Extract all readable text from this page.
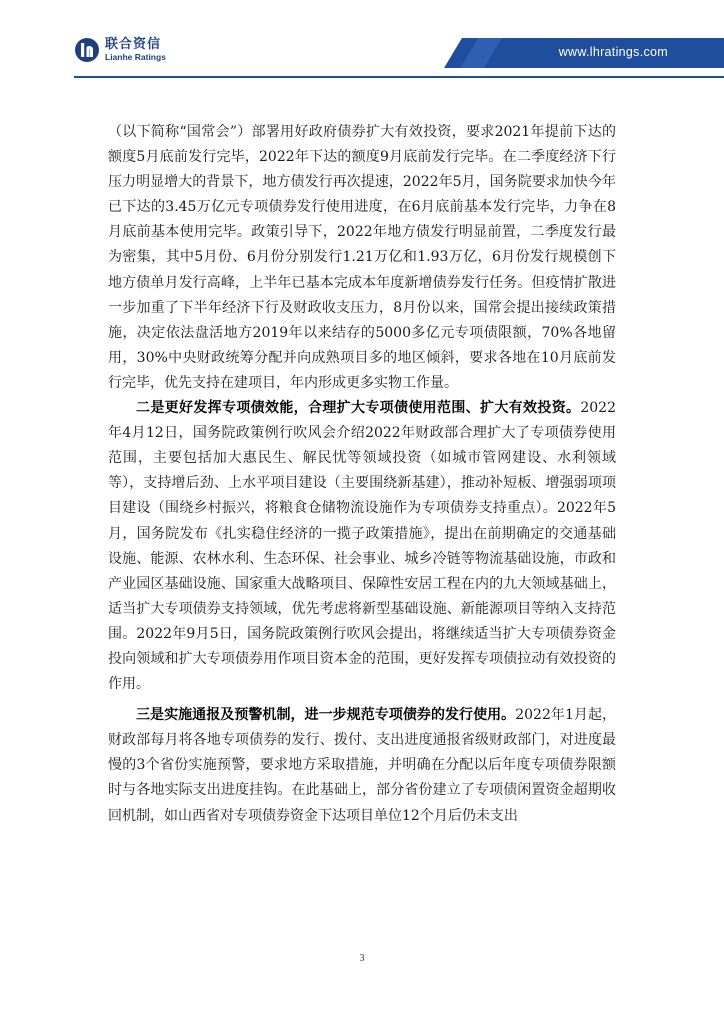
联合资信
Lianhe Ratings	www.lhratings.com

（以下简称“国常会”）部署用好政府债券扩大有效投资，要求2021年提前下达的额度5月底前发行完毕，2022年下达的额度9月底前发行完毕。在二季度经济下行压力明显增大的背景下，地方债发行再次提速，2022年5月，国务院要求加快今年已下达的3.45万亿元专项债券发行使用进度，在6月底前基本发行完毕，力争在8月底前基本使用完毕。政策引导下，2022年地方债发行明显前置，二季度发行最为密集，其中5月份、6月份分别发行1.21万亿和1.93万亿，6月份发行规模创下地方债单月发行高峰，上半年已基本完成本年度新增债券发行任务。但疫情扩散进一步加重了下半年经济下行及财政收支压力，8月份以来，国常会提出接续政策措施，决定依法盘活地方2019年以来结存的5000多亿元专项债限额，70%各地留用，30%中央财政统筹分配并向成熟项目多的地区倾斜，要求各地在10月底前发行完毕，优先支持在建项目，年内形成更多实物工作量。

二是更好发挥专项债效能，合理扩大专项债使用范围、扩大有效投资。2022年4月12日，国务院政策例行吹风会介绍2022年财政部合理扩大了专项债券使用范围，主要包括加大惠民生、解民忧等领域投资（如城市管网建设、水利领域等），支持增后劲、上水平项目建设（主要围绕新基建），推动补短板、增强弱项项目建设（围绕乡村振兴，将粮食仓储物流设施作为专项债券支持重点）。2022年5月，国务院发布《扎实稳住经济的一揽子政策措施》，提出在前期确定的交通基础设施、能源、农林水利、生态环保、社会事业、城乡冷链等物流基础设施，市政和产业园区基础设施、国家重大战略项目、保障性安居工程在内的九大领域基础上，适当扩大专项债券支持领域，优先考虑将新型基础设施、新能源项目等纳入支持范围。2022年9月5日，国务院政策例行吹风会提出，将继续适当扩大专项债券资金投向领域和扩大专项债券用作项目资本金的范围，更好发挥专项债拉动有效投资的作用。

三是实施通报及预警机制，进一步规范专项债券的发行使用。2022年1月起，财政部每月将各地专项债券的发行、拨付、支出进度通报省级财政部门，对进度最慢的3个省份实施预警，要求地方采取措施，并明确在分配以后年度专项债券限额时与各地实际支出进度挂钩。在此基础上，部分省份建立了专项债闲置资金超期收回机制，如山西省对专项债券资金下达项目单位12个月后仍未支出

3
